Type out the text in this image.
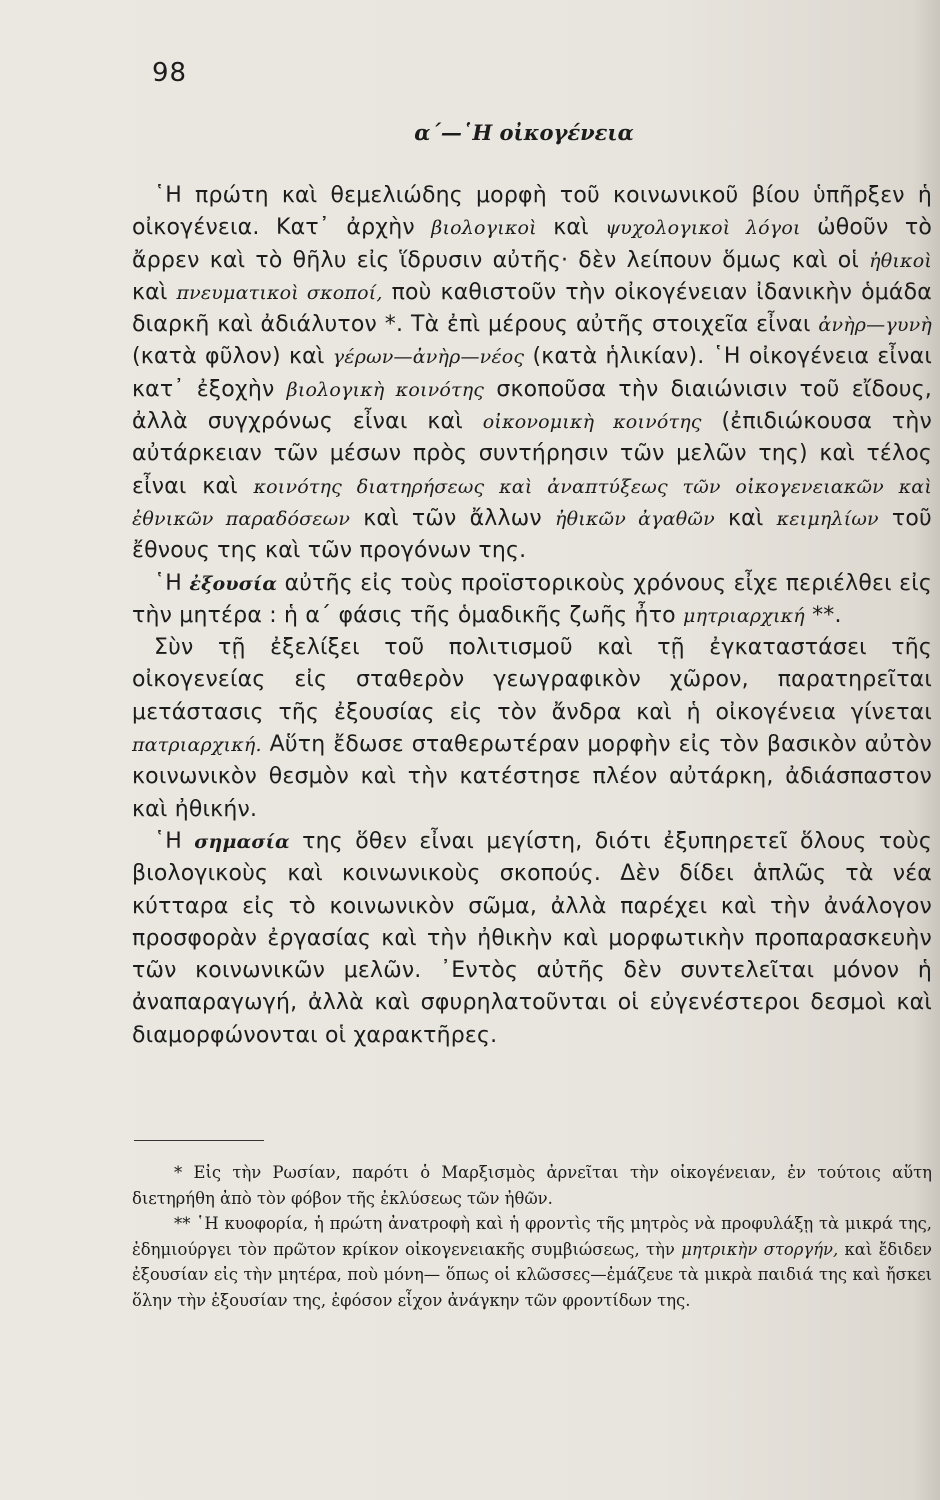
98
α΄—῾Η οἰκογένεια

῾Η πρώτη καὶ θεμελιώδης μορφὴ τοῦ κοινωνικοῦ βίου ὑπῆρξεν ἡ οἰκογένεια. Κατ᾽ ἀρχὴν βιολογικοὶ καὶ ψυχολογικοὶ λόγοι ὠθοῦν τὸ ἄρρεν καὶ τὸ θῆλυ εἰς ἵδρυσιν αὐτῆς· δὲν λείπουν ὅμως καὶ οἱ ἠθικοὶ καὶ πνευματικοὶ σκοποί, ποὺ καθιστοῦν τὴν οἰκογένειαν ἰδανικὴν ὁμάδα διαρκῆ καὶ ἀδιάλυτον *. Τὰ ἐπὶ μέρους αὐτῆς στοιχεῖα εἶναι ἀνὴρ—γυνὴ (κατὰ φῦλον) καὶ γέρων—ἀνὴρ—νέος (κατὰ ἡλικίαν). ῾Η οἰκογένεια εἶναι κατ᾽ ἐξοχὴν βιολογικὴ κοινότης σκοποῦσα τὴν διαιώνισιν τοῦ εἴδους, ἀλλὰ συγχρόνως εἶναι καὶ οἰκονομικὴ κοινότης (ἐπιδιώκουσα τὴν αὐτάρκειαν τῶν μέσων πρὸς συντήρησιν τῶν μελῶν της) καὶ τέλος εἶναι καὶ κοινότης διατηρήσεως καὶ ἀναπτύξεως τῶν οἰκογενειακῶν καὶ ἐθνικῶν παραδόσεων καὶ τῶν ἄλλων ἠθικῶν ἀγαθῶν καὶ κειμηλίων τοῦ ἔθνους της καὶ τῶν προγόνων της.

῾Η ἐξουσία αὐτῆς εἰς τοὺς προϊστορικοὺς χρόνους εἶχε περιέλθει εἰς τὴν μητέρα : ἡ α΄ φάσις τῆς ὁμαδικῆς ζωῆς ἦτο μητριαρχική **.

Σὺν τῇ ἐξελίξει τοῦ πολιτισμοῦ καὶ τῇ ἐγκαταστάσει τῆς οἰκογενείας εἰς σταθερὸν γεωγραφικὸν χῶρον, παρατηρεῖται μετάστασις τῆς ἐξουσίας εἰς τὸν ἄνδρα καὶ ἡ οἰκογένεια γίνεται πατριαρχική. Αὕτη ἔδωσε σταθερωτέραν μορφὴν εἰς τὸν βασικὸν αὐτὸν κοινωνικὸν θεσμὸν καὶ τὴν κατέστησε πλέον αὐτάρκη, ἀδιάσπαστον καὶ ἠθικήν.

῾Η σημασία της ὅθεν εἶναι μεγίστη, διότι ἐξυπηρετεῖ ὅλους τοὺς βιολογικοὺς καὶ κοινωνικοὺς σκοπούς. Δὲν δίδει ἁπλῶς τὰ νέα κύτταρα εἰς τὸ κοινωνικὸν σῶμα, ἀλλὰ παρέχει καὶ τὴν ἀνάλογον προσφορὰν ἐργασίας καὶ τὴν ἠθικὴν καὶ μορφωτικὴν προπαρασκευὴν τῶν κοινωνικῶν μελῶν. ᾿Εντὸς αὐτῆς δὲν συντελεῖται μόνον ἡ ἀναπαραγωγή, ἀλλὰ καὶ σφυρηλατοῦνται οἱ εὐγενέστεροι δεσμοὶ καὶ διαμορφώνονται οἱ χαρακτῆρες.

* Εἰς τὴν Ρωσίαν, παρότι ὁ Μαρξισμὸς ἀρνεῖται τὴν οἰκογένειαν, ἐν τούτοις αὕτη διετηρήθη ἀπὸ τὸν φόβον τῆς ἐκλύσεως τῶν ἠθῶν.

** ῾Η κυοφορία, ἡ πρώτη ἀνατροφὴ καὶ ἡ φροντὶς τῆς μητρὸς νὰ προφυλάξῃ τὰ μικρά της, ἐδημιούργει τὸν πρῶτον κρίκον οἰκογενειακῆς συμβιώσεως, τὴν μητρικὴν στοργήν, καὶ ἔδιδεν ἐξουσίαν εἰς τὴν μητέρα, ποὺ μόνη— ὅπως οἱ κλῶσσες—ἐμάζευε τὰ μικρὰ παιδιά της καὶ ἤσκει ὅλην τὴν ἐξουσίαν της, ἐφόσον εἶχον ἀνάγκην τῶν φροντίδων της.
